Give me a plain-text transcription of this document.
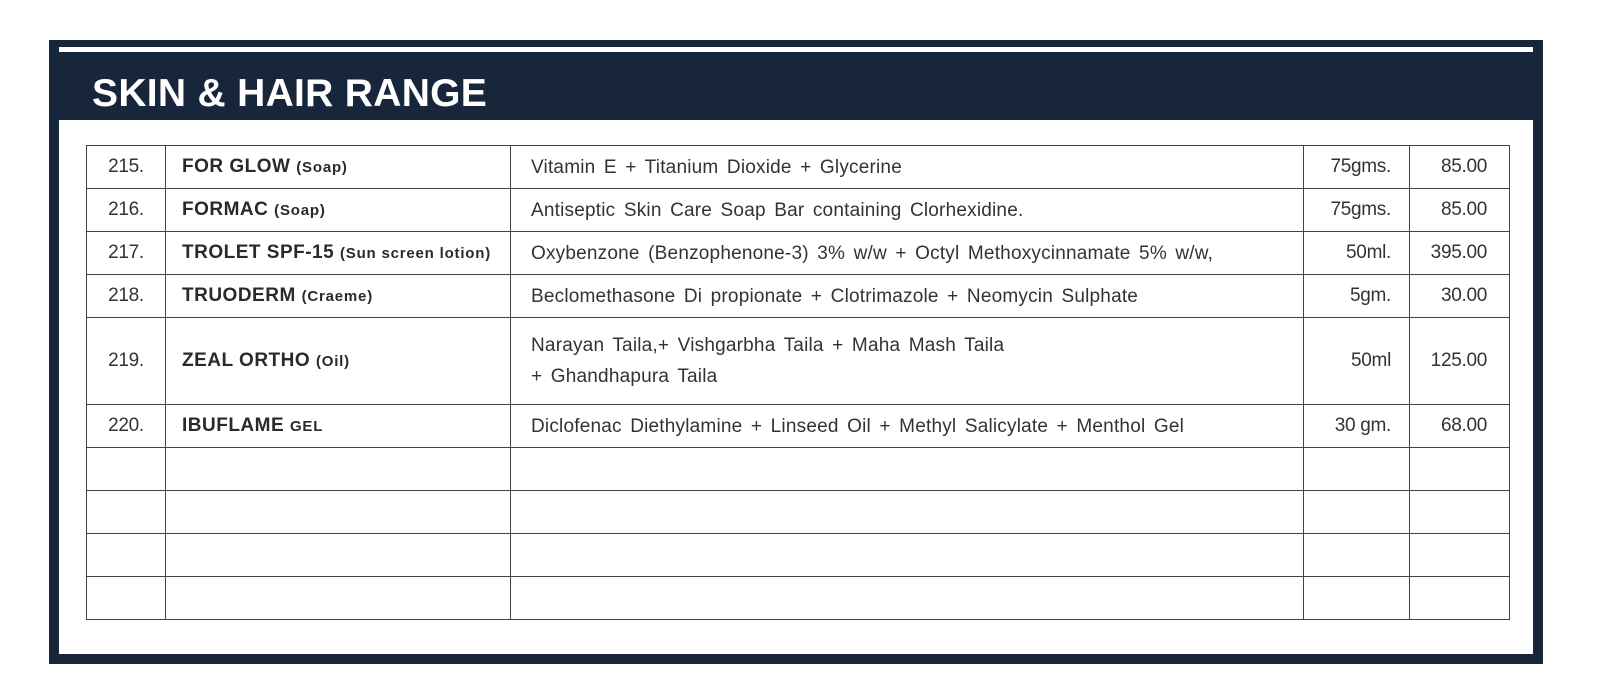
SKIN & HAIR RANGE
215.	FOR GLOW (Soap)	Vitamin E + Titanium Dioxide + Glycerine	75gms.	85.00
216.	FORMAC (Soap)	Antiseptic Skin Care Soap Bar containing Clorhexidine.	75gms.	85.00
217.	TROLET SPF-15 (Sun screen lotion)	Oxybenzone (Benzophenone-3) 3% w/w + Octyl Methoxycinnamate 5% w/w,	50ml.	395.00
218.	TRUODERM (Craeme)	Beclomethasone Di propionate + Clotrimazole + Neomycin Sulphate	5gm.	30.00
219.	ZEAL ORTHO (Oil)	Narayan Taila,+ Vishgarbha Taila + Maha Mash Taila
+ Ghandhapura Taila	50ml	125.00
220.	IBUFLAME GEL	Diclofenac Diethylamine + Linseed Oil + Methyl Salicylate + Menthol Gel	30 gm.	68.00
